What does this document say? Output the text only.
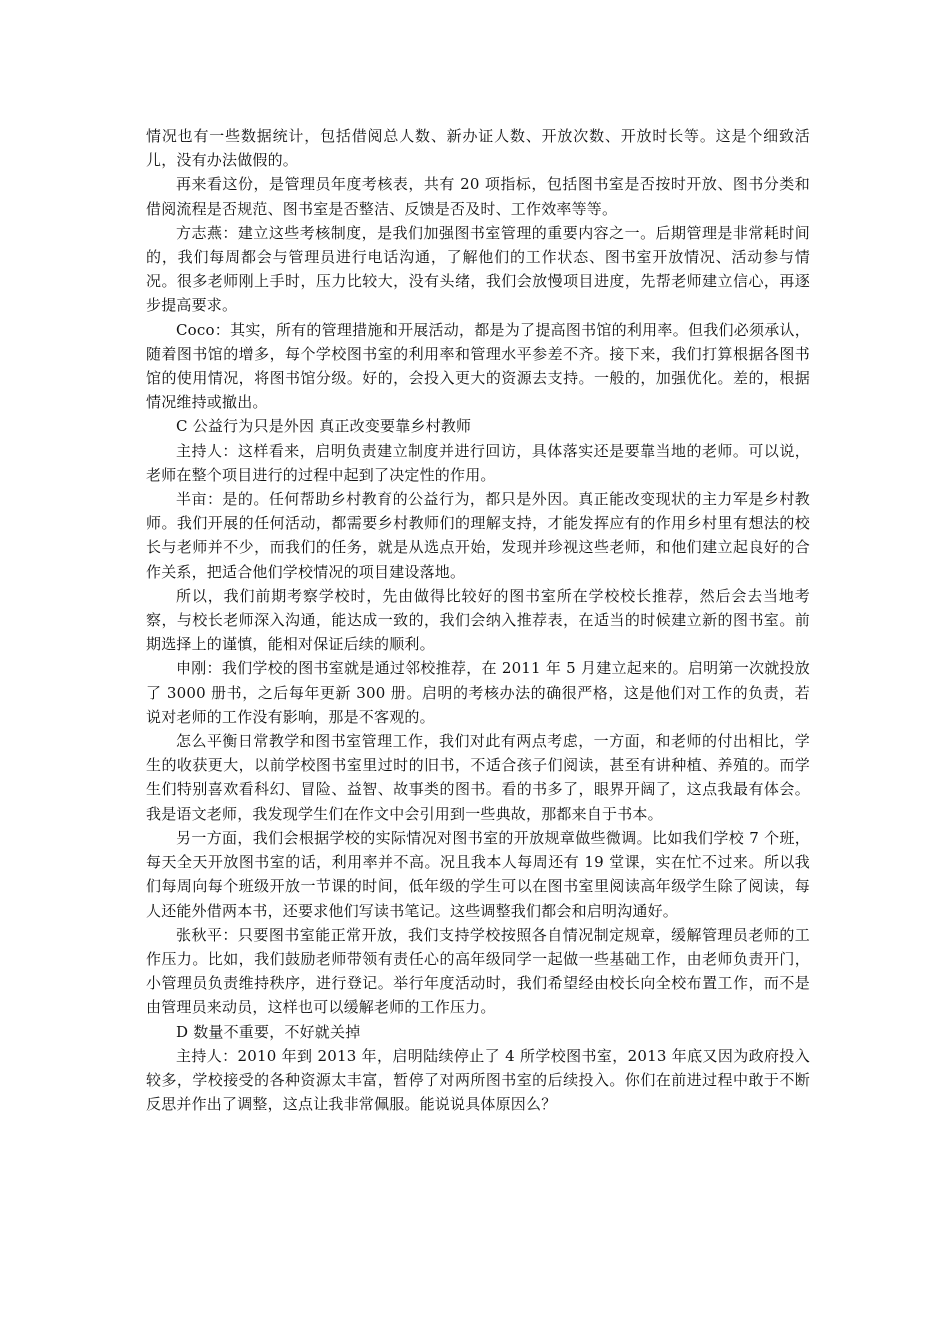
情况也有一些数据统计，包括借阅总人数、新办证人数、开放次数、开放时长等。这是个细致活儿，没有办法做假的。

再来看这份，是管理员年度考核表，共有 20 项指标，包括图书室是否按时开放、图书分类和借阅流程是否规范、图书室是否整洁、反馈是否及时、工作效率等等。

方志燕：建立这些考核制度，是我们加强图书室管理的重要内容之一。后期管理是非常耗时间的，我们每周都会与管理员进行电话沟通，了解他们的工作状态、图书室开放情况、活动参与情况。很多老师刚上手时，压力比较大，没有头绪，我们会放慢项目进度，先帮老师建立信心，再逐步提高要求。

Coco：其实，所有的管理措施和开展活动，都是为了提高图书馆的利用率。但我们必须承认，随着图书馆的增多，每个学校图书室的利用率和管理水平参差不齐。接下来，我们打算根据各图书馆的使用情况，将图书馆分级。好的，会投入更大的资源去支持。一般的，加强优化。差的，根据情况维持或撤出。

C 公益行为只是外因 真正改变要靠乡村教师

主持人：这样看来，启明负责建立制度并进行回访，具体落实还是要靠当地的老师。可以说，老师在整个项目进行的过程中起到了决定性的作用。

半亩：是的。任何帮助乡村教育的公益行为，都只是外因。真正能改变现状的主力军是乡村教师。我们开展的任何活动，都需要乡村教师们的理解支持，才能发挥应有的作用乡村里有想法的校长与老师并不少，而我们的任务，就是从选点开始，发现并珍视这些老师，和他们建立起良好的合作关系，把适合他们学校情况的项目建设落地。

所以，我们前期考察学校时，先由做得比较好的图书室所在学校校长推荐，然后会去当地考察，与校长老师深入沟通，能达成一致的，我们会纳入推荐表，在适当的时候建立新的图书室。前期选择上的谨慎，能相对保证后续的顺利。

申刚：我们学校的图书室就是通过邻校推荐，在 2011 年 5 月建立起来的。启明第一次就投放了 3000 册书，之后每年更新 300 册。启明的考核办法的确很严格，这是他们对工作的负责，若说对老师的工作没有影响，那是不客观的。

怎么平衡日常教学和图书室管理工作，我们对此有两点考虑，一方面，和老师的付出相比，学生的收获更大，以前学校图书室里过时的旧书，不适合孩子们阅读，甚至有讲种植、养殖的。而学生们特别喜欢看科幻、冒险、益智、故事类的图书。看的书多了，眼界开阔了，这点我最有体会。我是语文老师，我发现学生们在作文中会引用到一些典故，那都来自于书本。

另一方面，我们会根据学校的实际情况对图书室的开放规章做些微调。比如我们学校 7 个班，每天全天开放图书室的话，利用率并不高。况且我本人每周还有 19 堂课，实在忙不过来。所以我们每周向每个班级开放一节课的时间，低年级的学生可以在图书室里阅读高年级学生除了阅读，每人还能外借两本书，还要求他们写读书笔记。这些调整我们都会和启明沟通好。

张秋平：只要图书室能正常开放，我们支持学校按照各自情况制定规章，缓解管理员老师的工作压力。比如，我们鼓励老师带领有责任心的高年级同学一起做一些基础工作，由老师负责开门，小管理员负责维持秩序，进行登记。举行年度活动时，我们希望经由校长向全校布置工作，而不是由管理员来动员，这样也可以缓解老师的工作压力。

D 数量不重要，不好就关掉

主持人：2010 年到 2013 年，启明陆续停止了 4 所学校图书室，2013 年底又因为政府投入较多，学校接受的各种资源太丰富，暂停了对两所图书室的后续投入。你们在前进过程中敢于不断反思并作出了调整，这点让我非常佩服。能说说具体原因么？
